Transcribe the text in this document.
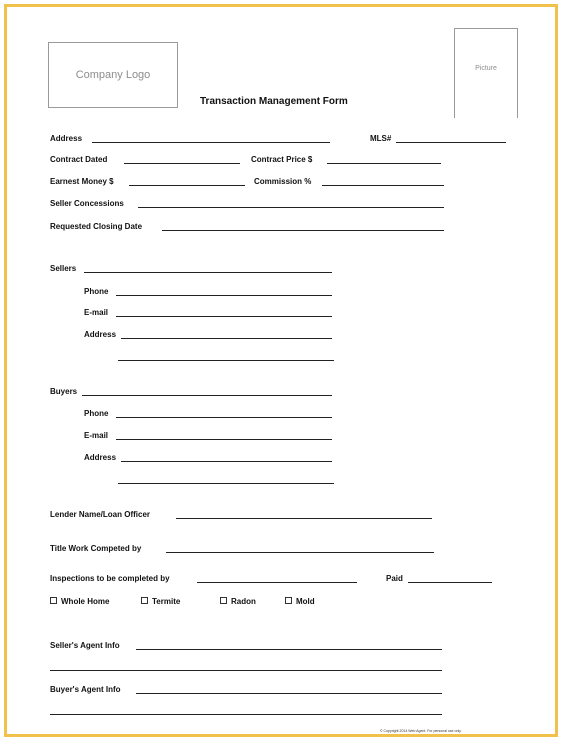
Company Logo
Picture
Transaction Management Form
Address	MLS#
Contract Dated	Contract Price $
Earnest Money $	Commission %
Seller Concessions
Requested Closing Date
Sellers
Phone
E-mail
Address
Buyers
Phone
E-mail
Address
Lender Name/Loan Officer
Title Work Competed by
Inspections to be completed by	Paid
Whole Home	Termite	Radon	Mold
Seller's Agent Info
Buyer's Agent Info
© Copyright 2014 Web Agent. For personal use only.
